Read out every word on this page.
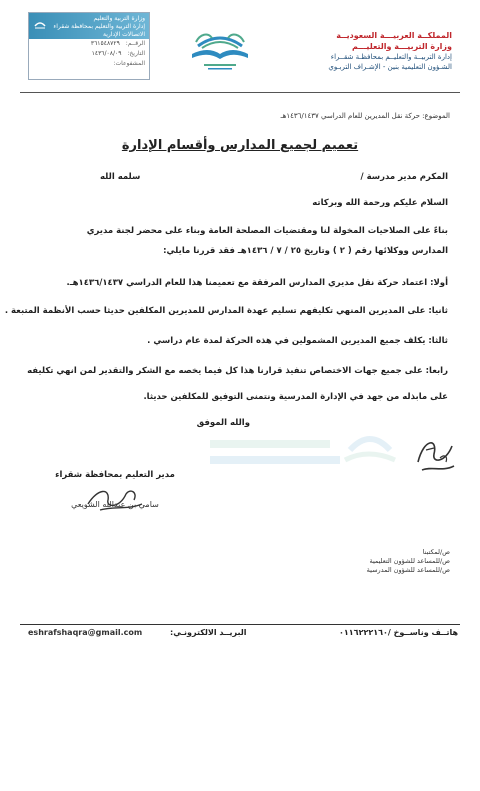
المملكــة العربيـــة السعوديــة
وزارة التربيـــة والتعليـــم
إدارة التربيــة والتعليــم بمحافظـة شقــراء
الشـؤون التعليمية بنين - الإشـراف التربـوي
وزارة التربية والتعليم
إدارة التربية والتعليم بمحافظة شقراء
الاتصالات الإدارية
الرقــم: ٣٦١٥٤٨٧٢٩
التاريخ: ١٤٣٦/٠٨/٠٩
المشفوعات:
الموضوع: حركة نقل المديرين للعام الدراسي ١٤٣٦/١٤٣٧هـ
تعميم لجميع المدارس وأقسام الإدارة
المكرم مدير مدرسة /
سلمه الله
السلام عليكم ورحمة الله وبركاته
بناءً على الصلاحيات المخولة لنا ومقتضيات المصلحة العامة وبناء على محضر لجنة مديري
المدارس ووكلائها رقم ( ٢ ) وتاريخ ٢٥ / ٧ / ١٤٣٦هـ فقد قررنا مايلي:
أولا: اعتماد حركة نقل مديري المدارس المرفقة مع تعميمنا هذا للعام الدراسي ١٤٣٦/١٤٣٧هـ.
ثانيا: على المديرين المنهي تكليفهم تسليم عهدة المدارس للمديرين المكلفين حديثا حسب الأنظمة المتبعة .
ثالثا: يكلف جميع المديرين المشمولين في هذه الحركة لمدة عام دراسي .
رابعا: على جميع جهات الاختصاص تنفيذ قرارنا هذا كل فيما يخصه مع الشكر والتقدير لمن انهي تكليفه
على مابذله من جهد في الإدارة المدرسية ونتمنى التوفيق للمكلفين حديثا.
والله الموفق
مدير التعليم بمحافظة شقراء
سامي بن عبدالله الشويعي
ص/لمكتبنا
ص/للمساعد للشؤون التعليمية
ص/للمساعد للشؤون المدرسية
هاتــف وناســوخ /٠١١٦٢٢٢١٦٠
البريــد الالكترونـي:
eshrafshaqra@gmail.com
